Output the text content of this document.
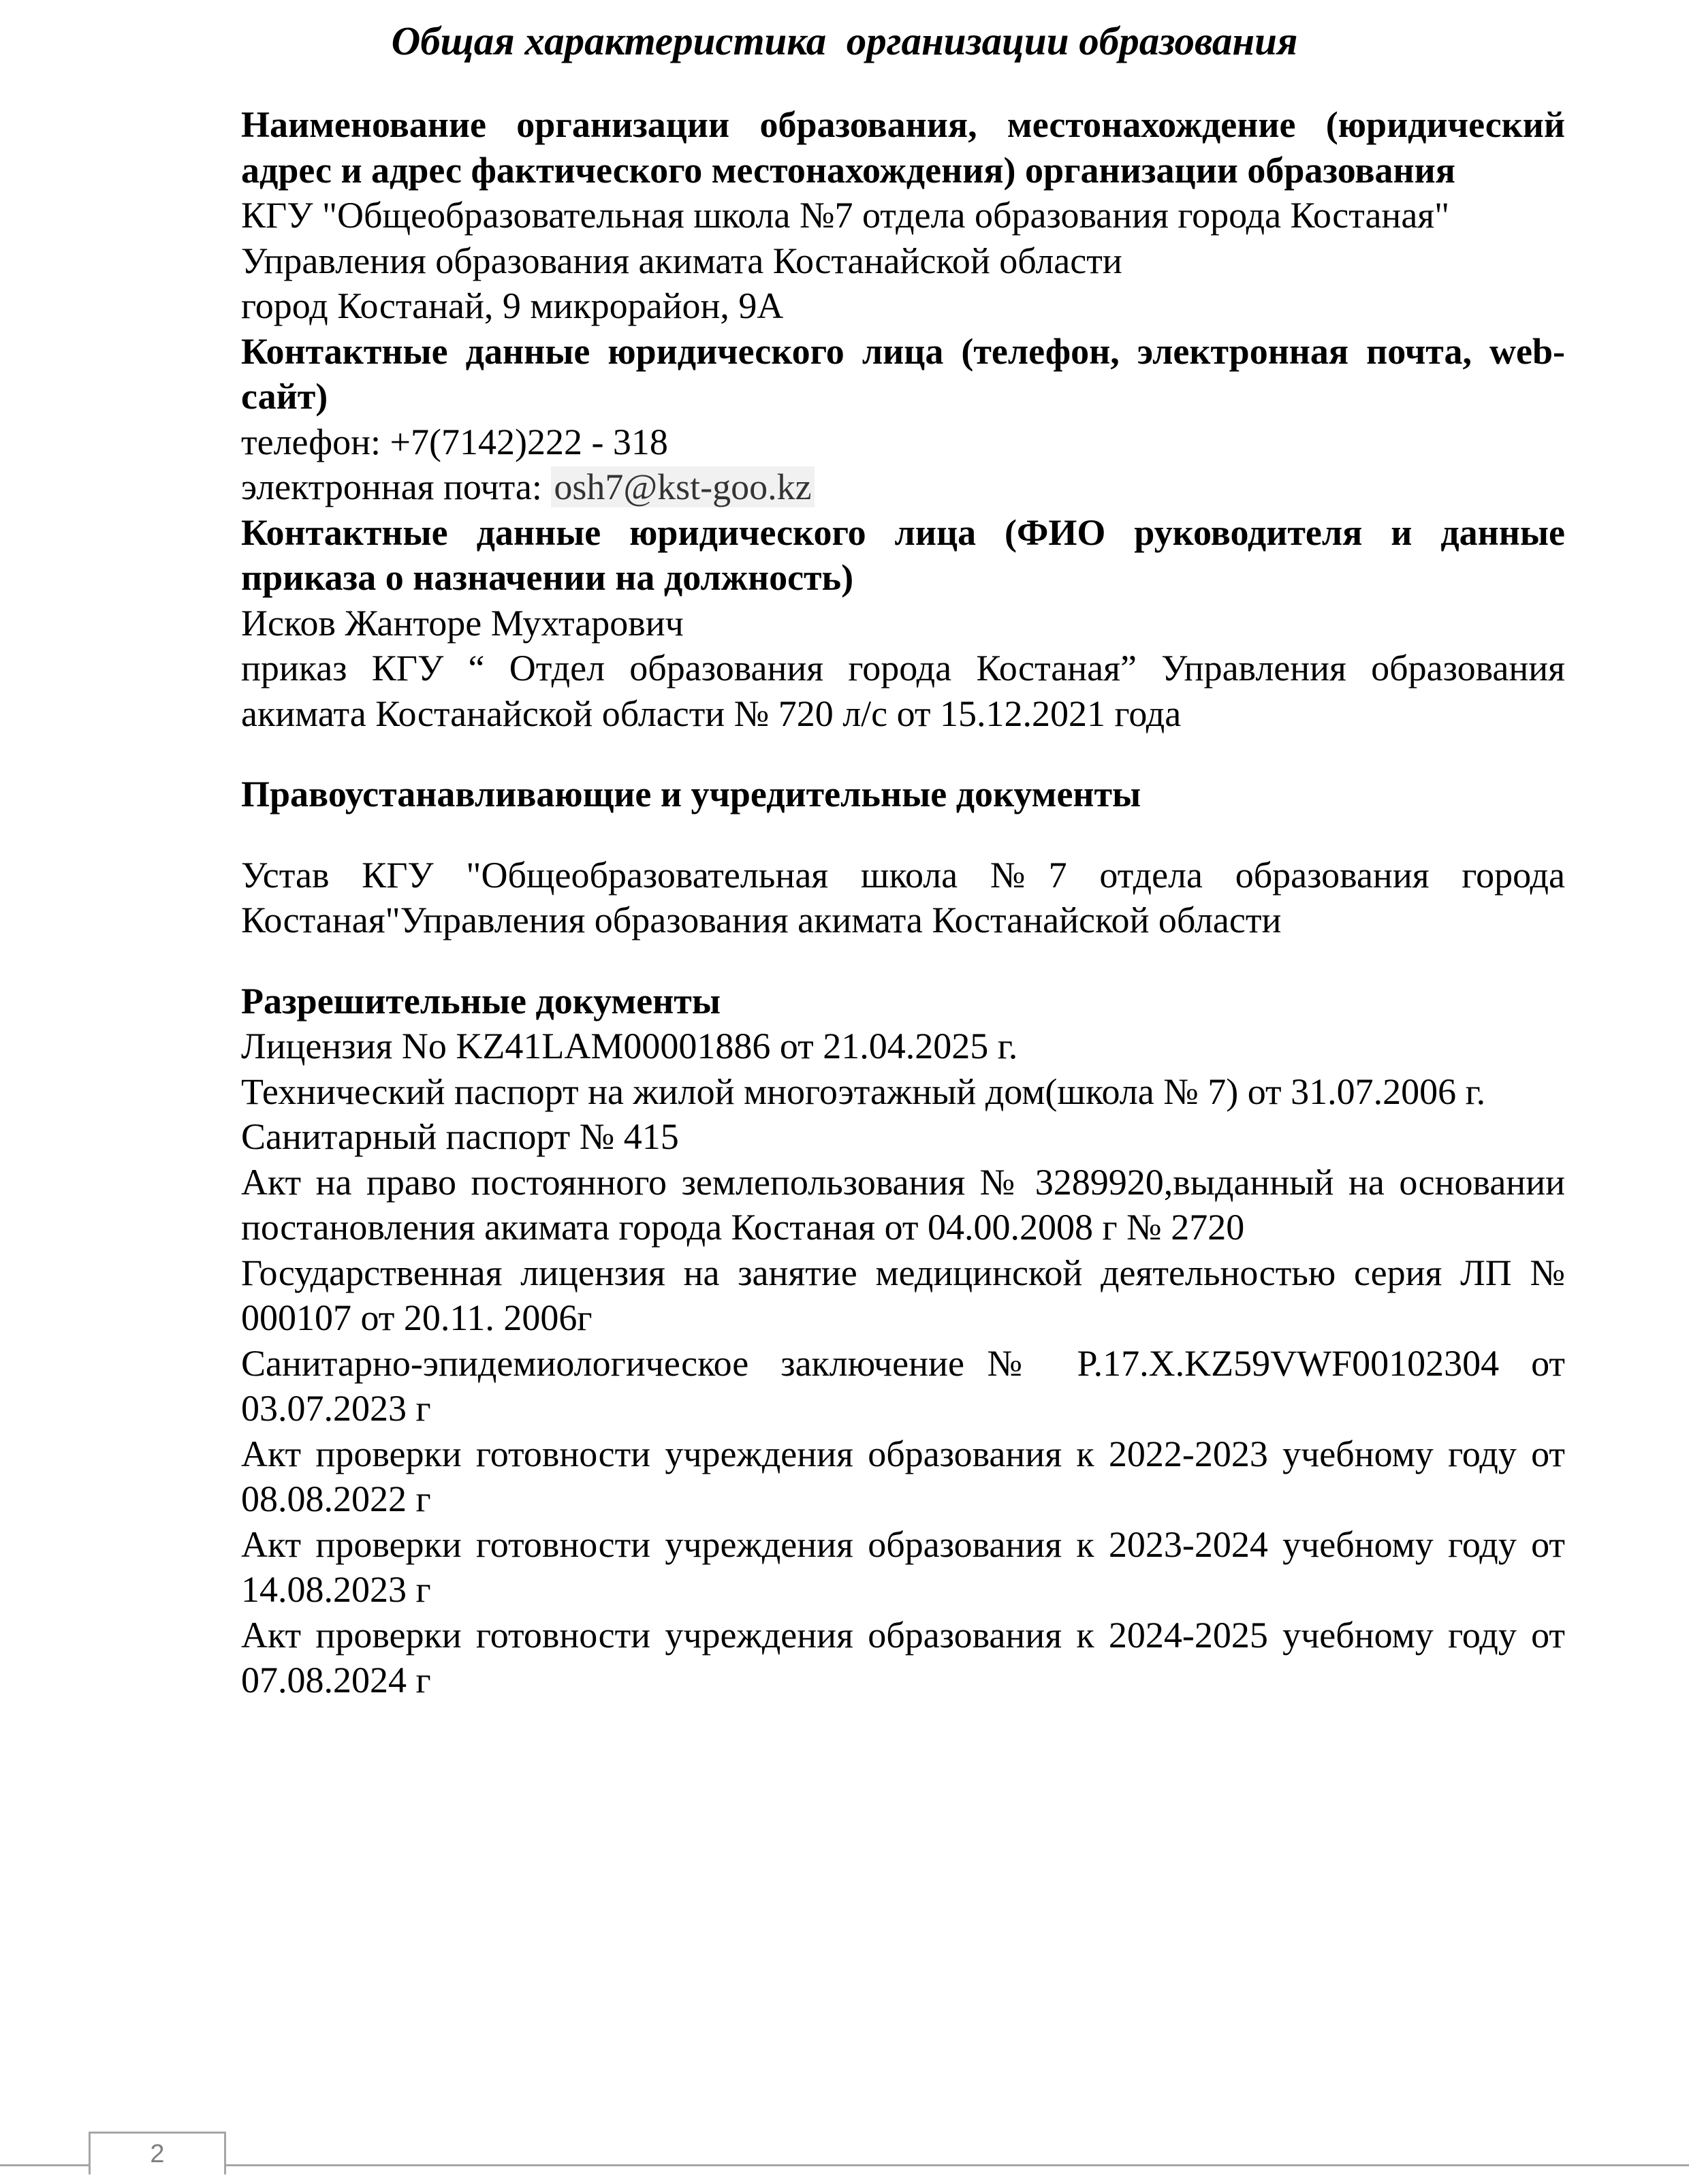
Общая характеристика  организации образования

Наименование организации образования, местонахождение (юридический адрес и адрес фактического местонахождения) организации образования

КГУ "Общеобразовательная школа №7 отдела образования города Костаная"

Управления образования акимата Костанайской области

город Костанай, 9 микрорайон, 9А

Контактные данные юридического лица (телефон, электронная почта, web-сайт)

телефон: +7(7142)222 - 318

электронная почта: osh7@kst-goo.kz

Контактные данные юридического лица (ФИО руководителя и данные приказа о назначении на должность)

Исков Жанторе Мухтарович

приказ КГУ “ Отдел образования города Костаная” Управления образования акимата Костанайской области № 720 л/с от 15.12.2021 года

Правоустанавливающие и учредительные документы

Устав КГУ "Общеобразовательная школа №7 отдела образования города Костаная"Управления образования акимата Костанайской области

Разрешительные документы

Лицензия No KZ41LAM00001886 от 21.04.2025 г.

Технический паспорт на жилой многоэтажный дом(школа № 7) от 31.07.2006 г.

Санитарный паспорт № 415

Акт на право постоянного землепользования № 3289920,выданный на основании постановления акимата города Костаная от 04.00.2008 г № 2720

Государственная лицензия на занятие медицинской деятельностью серия ЛП № 000107 от 20.11. 2006г

Санитарно-эпидемиологическое заключение№ P.17.X.KZ59VWF00102304 от 03.07.2023 г

Акт проверки готовности учреждения образования к 2022-2023 учебному году от 08.08.2022 г

Акт проверки готовности учреждения образования к 2023-2024 учебному году от 14.08.2023 г

Акт проверки готовности учреждения образования к 2024-2025 учебному году от 07.08.2024 г

2
